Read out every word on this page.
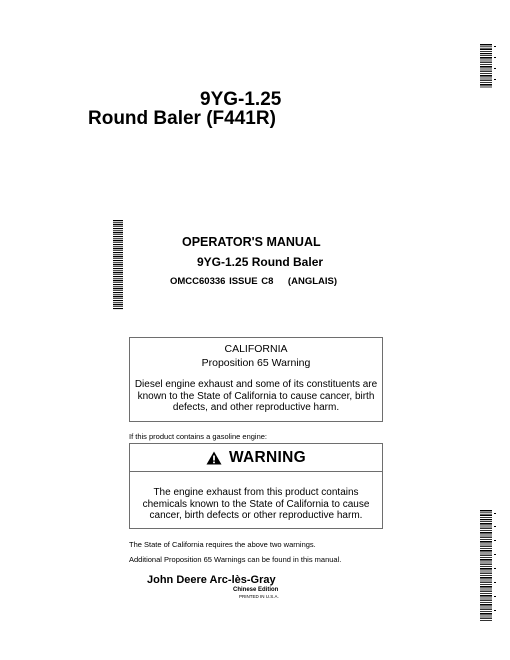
9YG-1.25
Round Baler (F441R)
OPERATOR'S MANUAL
9YG-1.25 Round Baler
OMCC60336 ISSUE C8    (ANGLAIS)
CALIFORNIA
Proposition 65 Warning
Diesel engine exhaust and some of its constituents are known to the State of California to cause cancer, birth defects, and other reproductive harm.
If this product contains a gasoline engine:
WARNING
The engine exhaust from this product contains chemicals known to the State of California to cause cancer, birth defects or other reproductive harm.
The State of California requires the above two warnings.
Additional Proposition 65 Warnings can be found in this manual.
John Deere Arc-lès-Gray
Chinese Edition
PRINTED IN U.S.A.
